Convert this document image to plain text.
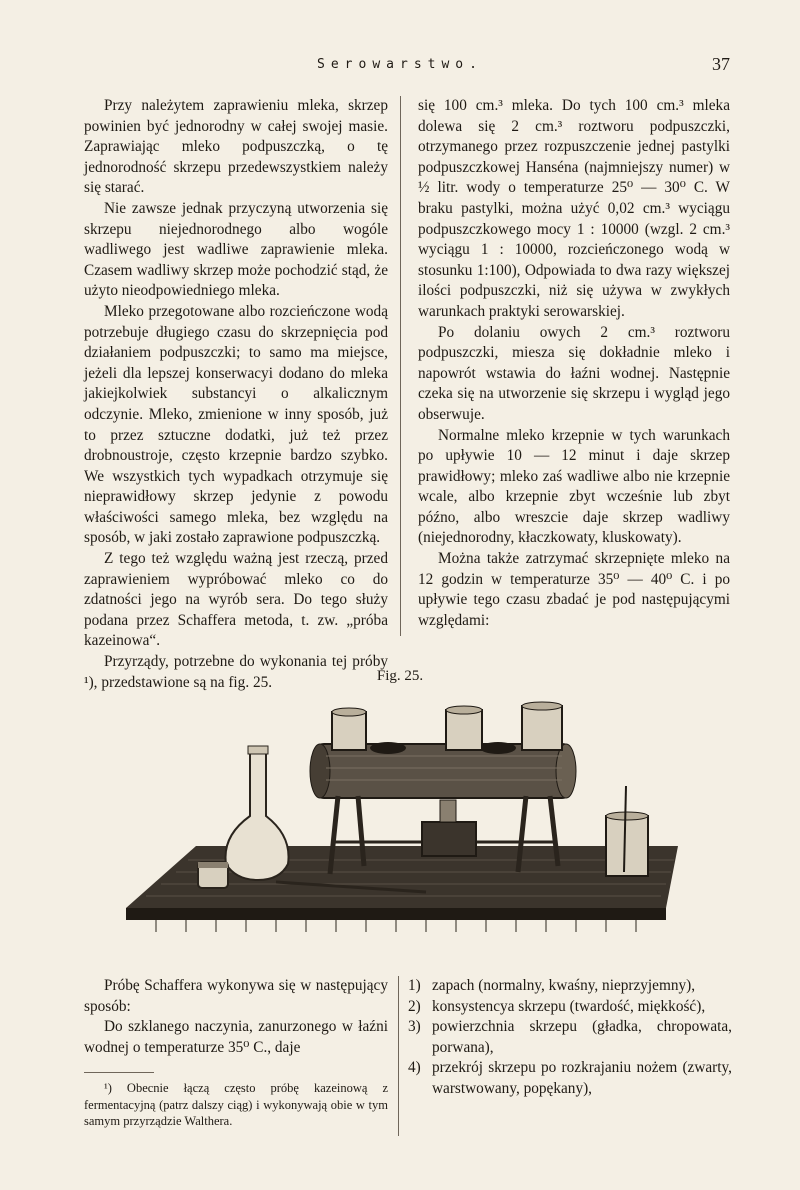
Serowarstwo.	37

Przy należytem zaprawieniu mleka, skrzep powinien być jednorodny w całej swojej masie. Zaprawiając mleko podpuszczką, o tę jednorodność skrzepu przedewszystkiem należy się starać.

Nie zawsze jednak przyczyną utworzenia się skrzepu niejednorodnego albo wogóle wadliwego jest wadliwe zaprawienie mleka. Czasem wadliwy skrzep może pochodzić stąd, że użyto nieodpowiedniego mleka.

Mleko przegotowane albo rozcieńczone wodą potrzebuje długiego czasu do skrzepnięcia pod działaniem podpuszczki; to samo ma miejsce, jeżeli dla lepszej konserwacyi dodano do mleka jakiejkolwiek substancyi o alkalicznym odczynie. Mleko, zmienione w inny sposób, już to przez sztuczne dodatki, już też przez drobnoustroje, często krzepnie bardzo szybko. We wszystkich tych wypadkach otrzymuje się nieprawidłowy skrzep jedynie z powodu właściwości samego mleka, bez względu na sposób, w jaki zostało zaprawione podpuszczką.

Z tego też względu ważną jest rzeczą, przed zaprawieniem wypróbować mleko co do zdatności jego na wyrób sera. Do tego służy podana przez Schaffera metoda, t. zw. „próba kazeinowa“.

Przyrządy, potrzebne do wykonania tej próby ¹), przedstawione są na fig. 25.

się 100 cm.³ mleka. Do tych 100 cm.³ mleka dolewa się 2 cm.³ roztworu podpuszczki, otrzymanego przez rozpuszczenie jednej pastylki podpuszczkowej Hanséna (najmniejszy numer) w ½ litr. wody o temperaturze 25⁰ — 30⁰ C. W braku pastylki, można użyć 0,02 cm.³ wyciągu podpuszczkowego mocy 1 : 10000 (wzgl. 2 cm.³ wyciągu 1 : 10000, rozcieńczonego wodą w stosunku 1:100), Odpowiada to dwa razy większej ilości podpuszczki, niż się używa w zwykłych warunkach praktyki serowarskiej.

Po dolaniu owych 2 cm.³ roztworu podpuszczki, miesza się dokładnie mleko i napowrót wstawia do łaźni wodnej. Następnie czeka się na utworzenie się skrzepu i wygląd jego obserwuje.

Normalne mleko krzepnie w tych warunkach po upływie 10 — 12 minut i daje skrzep prawidłowy; mleko zaś wadliwe albo nie krzepnie wcale, albo krzepnie zbyt wcześnie lub zbyt późno, albo wreszcie daje skrzep wadliwy (niejednorodny, kłaczkowaty, kluskowaty).

Można także zatrzymać skrzepnięte mleko na 12 godzin w temperaturze 35⁰ — 40⁰ C. i po upływie tego czasu zbadać je pod następującymi względami:

Fig. 25.

Próbę Schaffera wykonywa się w następujący sposób:

Do szklanego naczynia, zanurzonego w łaźni wodnej o temperaturze 35⁰ C., daje

¹) Obecnie łączą często próbę kazeinową z fermentacyjną (patrz dalszy ciąg) i wykonywają obie w tym samym przyrządzie Walthera.

1) zapach (normalny, kwaśny, nieprzyjemny),
2) konsystencya skrzepu (twardość, miękkość),
3) powierzchnia skrzepu (gładka, chropowata, porwana),
4) przekrój skrzepu po rozkrajaniu nożem (zwarty, warstwowany, popękany),
